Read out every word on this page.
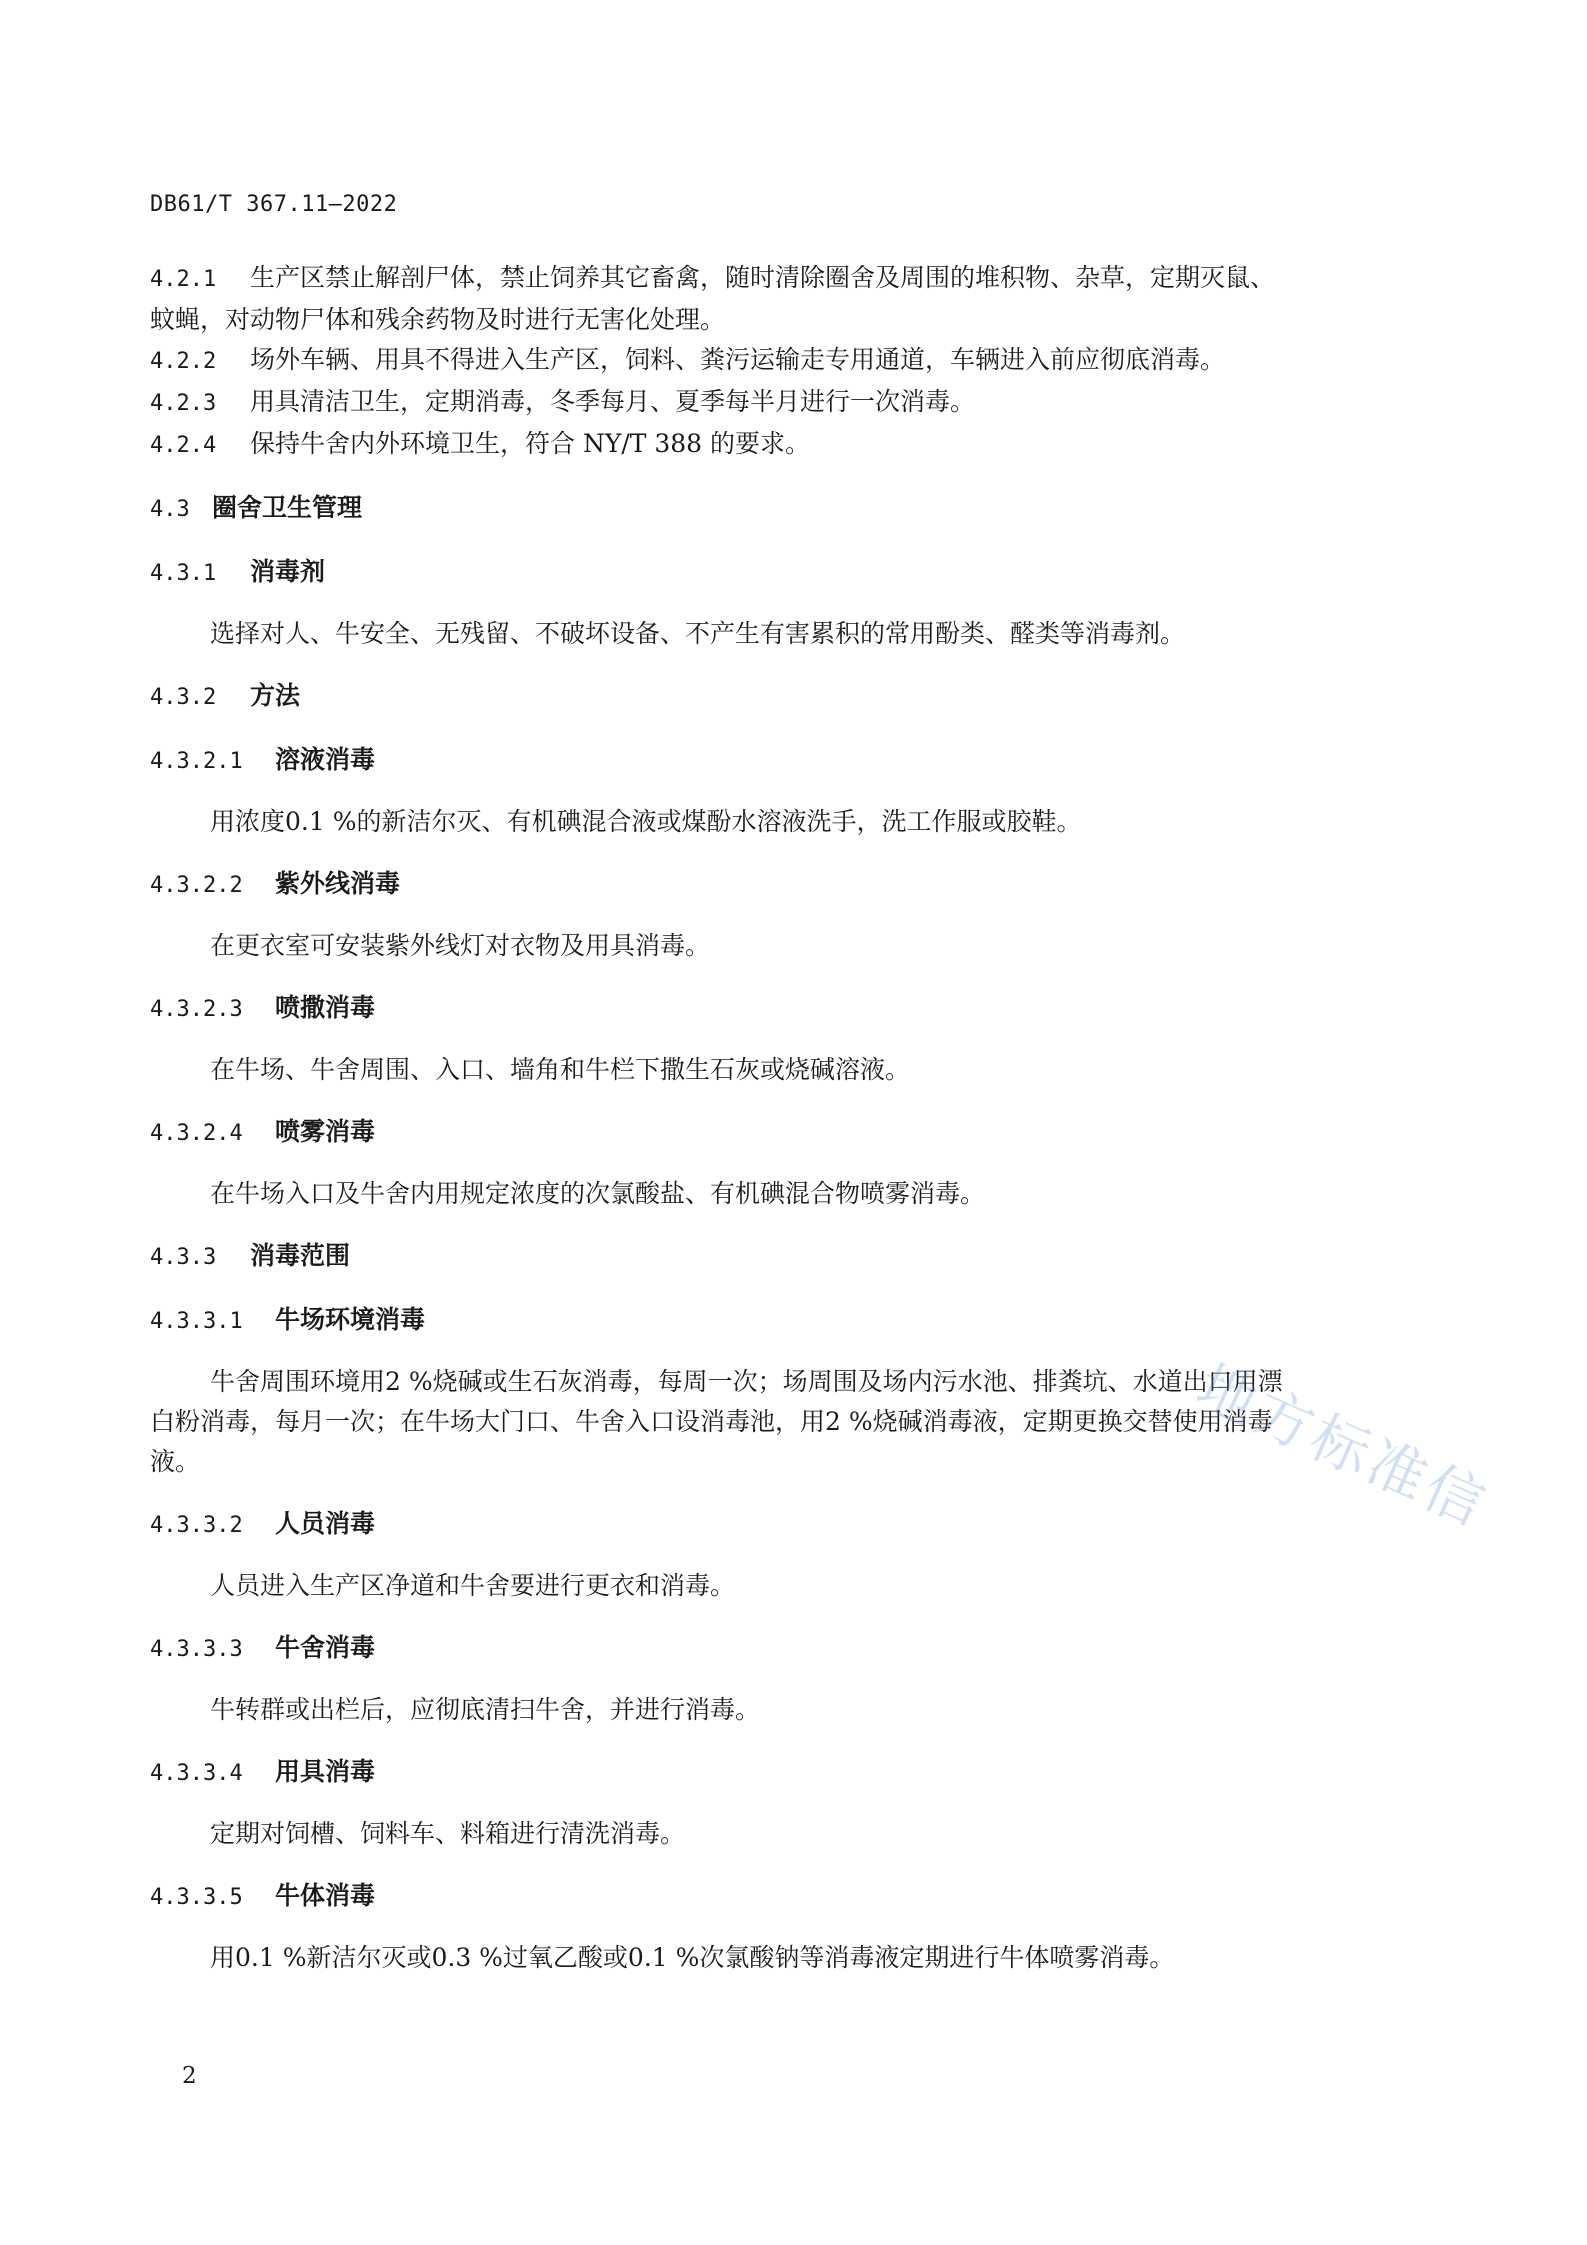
DB61/T 367.11—2022

4.2.1 生产区禁止解剖尸体，禁止饲养其它畜禽，随时清除圈舍及周围的堆积物、杂草，定期灭鼠、

蚊蝇，对动物尸体和残余药物及时进行无害化处理。

4.2.2 场外车辆、用具不得进入生产区，饲料、粪污运输走专用通道，车辆进入前应彻底消毒。

4.2.3 用具清洁卫生，定期消毒，冬季每月、夏季每半月进行一次消毒。

4.2.4 保持牛舍内外环境卫生，符合 NY/T 388 的要求。

4.3 圈舍卫生管理

4.3.1 消毒剂

选择对人、牛安全、无残留、不破坏设备、不产生有害累积的常用酚类、醛类等消毒剂。

4.3.2 方法

4.3.2.1 溶液消毒

用浓度0.1 %的新洁尔灭、有机碘混合液或煤酚水溶液洗手，洗工作服或胶鞋。

4.3.2.2 紫外线消毒

在更衣室可安装紫外线灯对衣物及用具消毒。

4.3.2.3 喷撒消毒

在牛场、牛舍周围、入口、墙角和牛栏下撒生石灰或烧碱溶液。

4.3.2.4 喷雾消毒

在牛场入口及牛舍内用规定浓度的次氯酸盐、有机碘混合物喷雾消毒。

4.3.3 消毒范围

4.3.3.1 牛场环境消毒

牛舍周围环境用2 %烧碱或生石灰消毒，每周一次；场周围及场内污水池、排粪坑、水道出口用漂

白粉消毒，每月一次；在牛场大门口、牛舍入口设消毒池，用2 %烧碱消毒液，定期更换交替使用消毒

液。

4.3.3.2 人员消毒

人员进入生产区净道和牛舍要进行更衣和消毒。

4.3.3.3 牛舍消毒

牛转群或出栏后，应彻底清扫牛舍，并进行消毒。

4.3.3.4 用具消毒

定期对饲槽、饲料车、料箱进行清洗消毒。

4.3.3.5 牛体消毒

用0.1 %新洁尔灭或0.3 %过氧乙酸或0.1 %次氯酸钠等消毒液定期进行牛体喷雾消毒。

地方标准信
2
